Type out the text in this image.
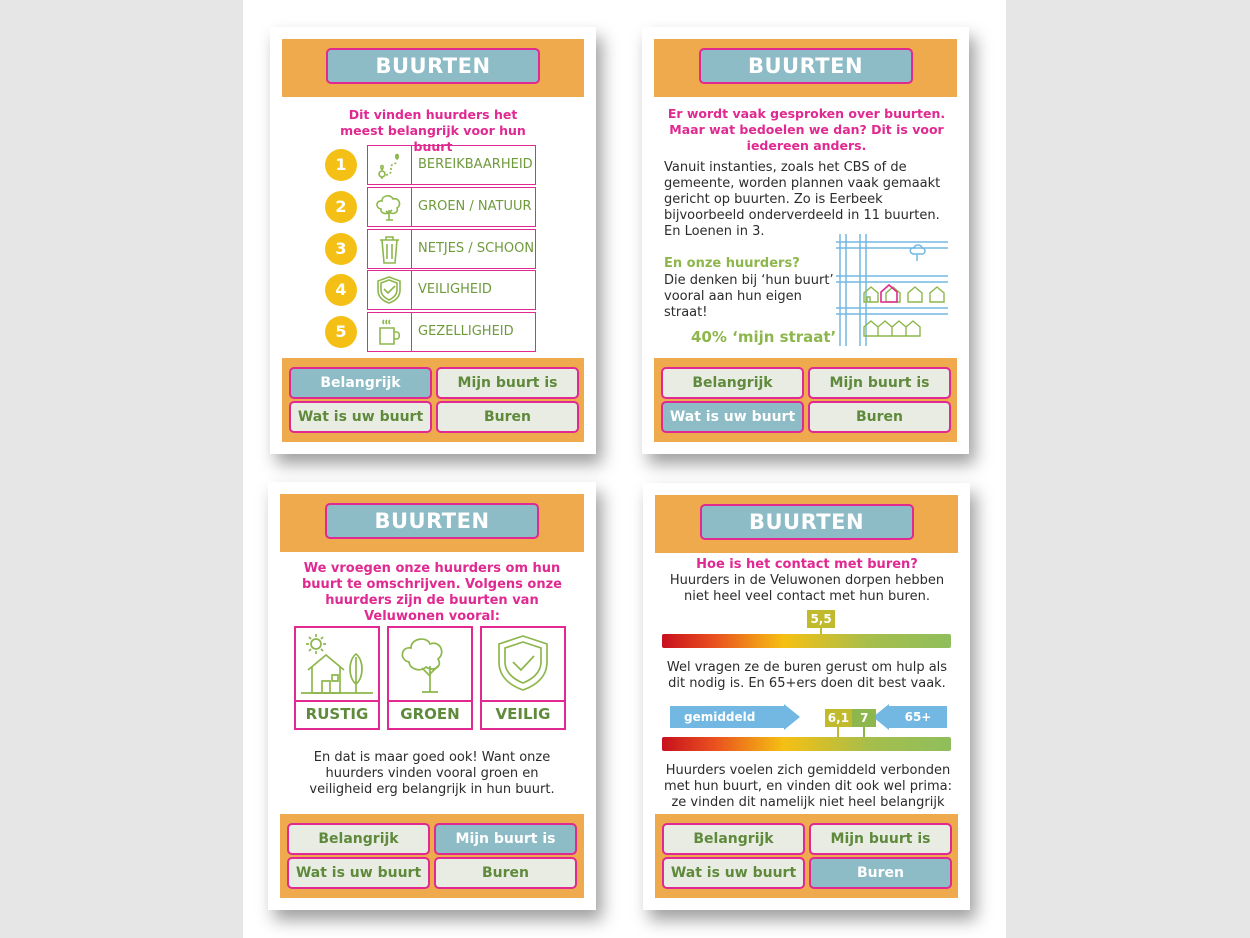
BUURTEN
Dit vinden huurders het meest belangrijk voor hun buurt
1	BEREIKBAARHEID
2	GROEN / NATUUR
3	NETJES / SCHOON
4	VEILIGHEID
5	GEZELLIGHEID
Belangrijk	Mijn buurt is
Wat is uw buurt	Buren
BUURTEN
Er wordt vaak gesproken over buurten. Maar wat bedoelen we dan? Dit is voor iedereen anders.
Vanuit instanties, zoals het CBS of de gemeente, worden plannen vaak gemaakt gericht op buurten. Zo is Eerbeek bijvoorbeeld onderverdeeld in 11 buurten. En Loenen in 3.
En onze huurders?
Die denken bij ‘hun buurt’ vooral aan hun eigen straat!
40% ‘mijn straat’
Belangrijk	Mijn buurt is
Wat is uw buurt	Buren
BUURTEN
We vroegen onze huurders om hun buurt te omschrijven. Volgens onze huurders zijn de buurten van Veluwonen vooral:
RUSTIG	GROEN	VEILIG
En dat is maar goed ook! Want onze huurders vinden vooral groen en veiligheid erg belangrijk in hun buurt.
Belangrijk	Mijn buurt is
Wat is uw buurt	Buren
BUURTEN
Hoe is het contact met buren?
Huurders in de Veluwonen dorpen hebben niet heel veel contact met hun buren.
5,5
Wel vragen ze de buren gerust om hulp als dit nodig is. En 65+ers doen dit best vaak.
gemiddeld	65+
6,1 7
Huurders voelen zich gemiddeld verbonden met hun buurt, en vinden dit ook wel prima: ze vinden dit namelijk niet heel belangrijk
Belangrijk	Mijn buurt is
Wat is uw buurt	Buren
